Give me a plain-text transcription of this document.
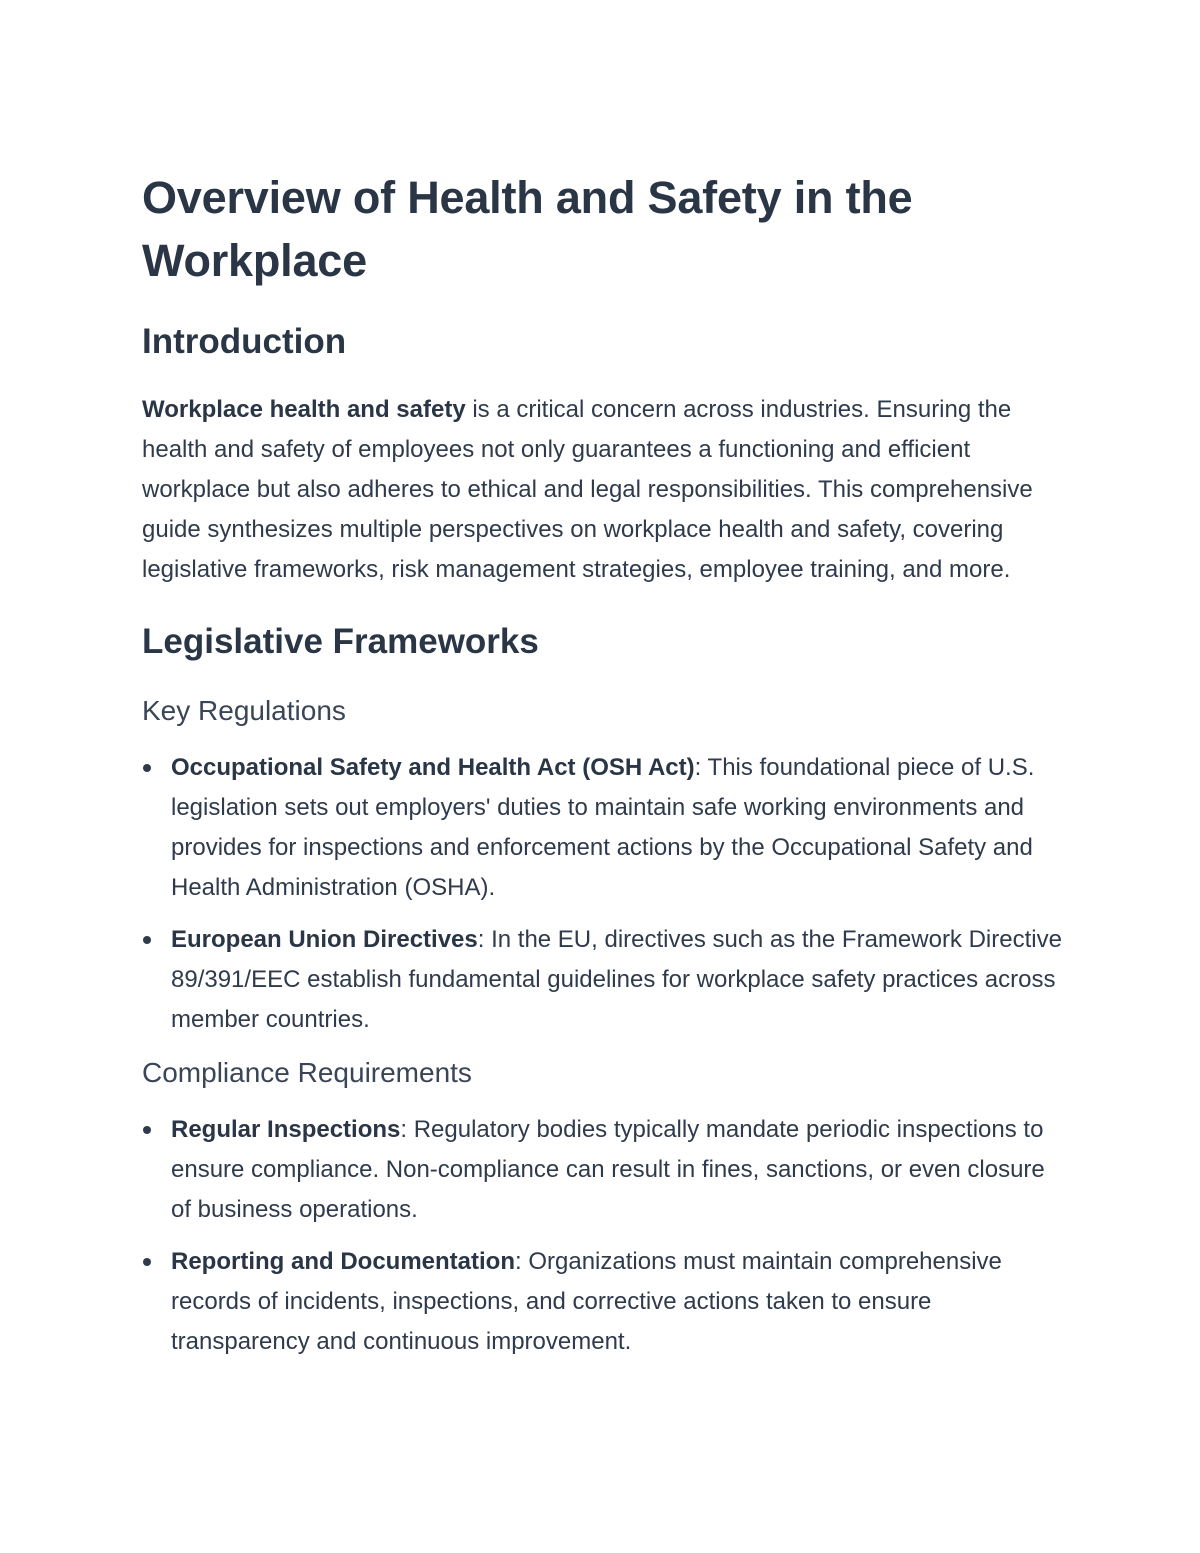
Overview of Health and Safety in the Workplace
Introduction

Workplace health and safety is a critical concern across industries. Ensuring the health and safety of employees not only guarantees a functioning and efficient workplace but also adheres to ethical and legal responsibilities. This comprehensive guide synthesizes multiple perspectives on workplace health and safety, covering legislative frameworks, risk management strategies, employee training, and more.

Legislative Frameworks
Key Regulations
Occupational Safety and Health Act (OSH Act): This foundational piece of U.S. legislation sets out employers' duties to maintain safe working environments and provides for inspections and enforcement actions by the Occupational Safety and Health Administration (OSHA).
European Union Directives: In the EU, directives such as the Framework Directive 89/391/EEC establish fundamental guidelines for workplace safety practices across member countries.
Compliance Requirements
Regular Inspections: Regulatory bodies typically mandate periodic inspections to ensure compliance. Non-compliance can result in fines, sanctions, or even closure of business operations.
Reporting and Documentation: Organizations must maintain comprehensive records of incidents, inspections, and corrective actions taken to ensure transparency and continuous improvement.
